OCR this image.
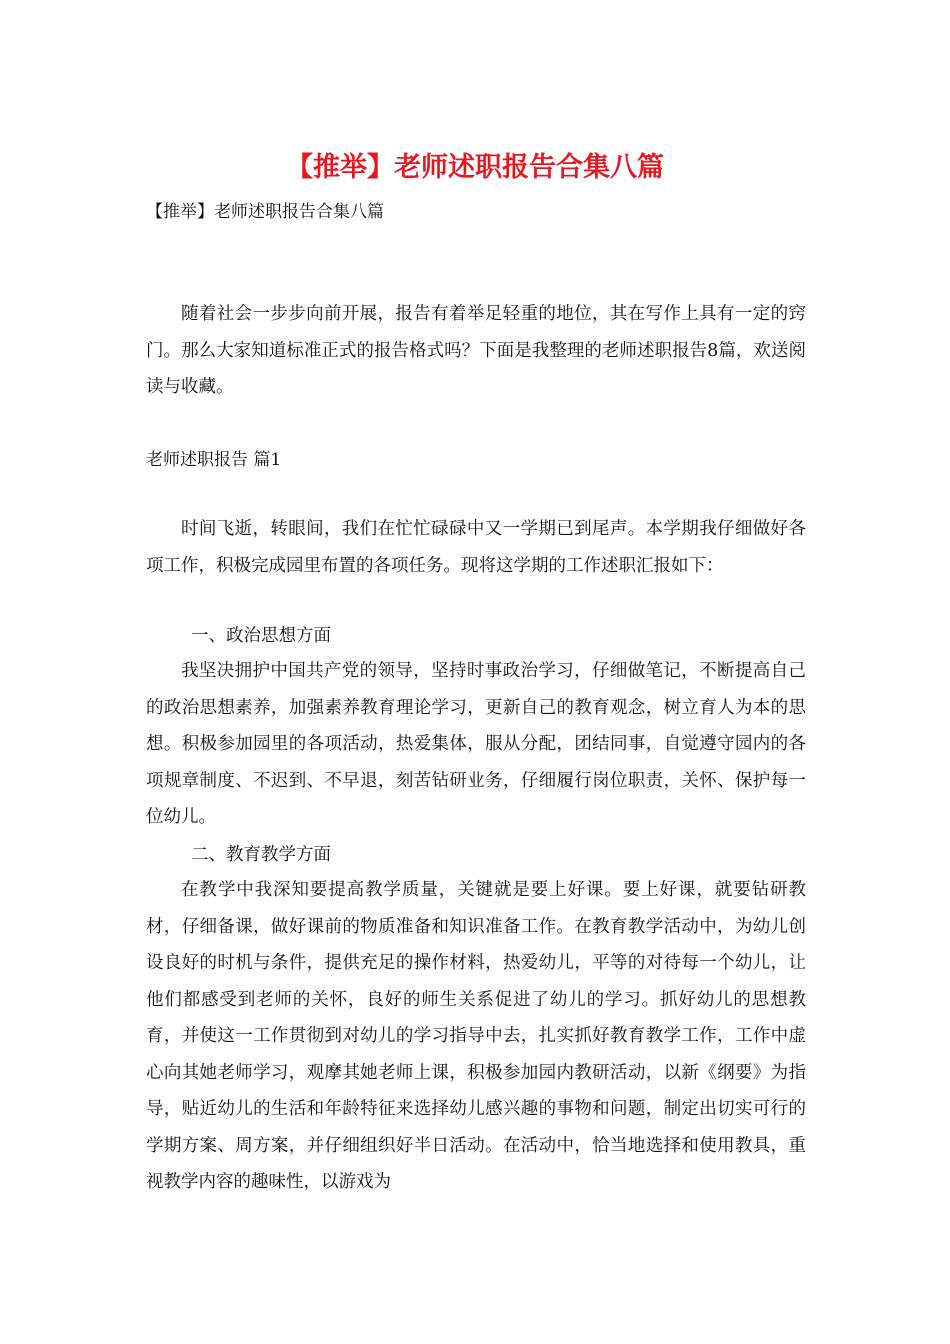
【推举】老师述职报告合集八篇
【推举】老师述职报告合集八篇

随着社会一步步向前开展，报告有着举足轻重的地位，其在写作上具有一定的窍门。那么大家知道标准正式的报告格式吗？下面是我整理的老师述职报告8篇，欢送阅读与收藏。

老师述职报告 篇1

时间飞逝，转眼间，我们在忙忙碌碌中又一学期已到尾声。本学期我仔细做好各项工作，积极完成园里布置的各项任务。现将这学期的工作述职汇报如下：

一、政治思想方面

我坚决拥护中国共产党的领导，坚持时事政治学习，仔细做笔记，不断提高自己的政治思想素养，加强素养教育理论学习，更新自己的教育观念，树立育人为本的思想。积极参加园里的各项活动，热爱集体，服从分配，团结同事，自觉遵守园内的各项规章制度、不迟到、不早退，刻苦钻研业务，仔细履行岗位职责，关怀、保护每一位幼儿。

二、教育教学方面

在教学中我深知要提高教学质量，关键就是要上好课。要上好课，就要钻研教材，仔细备课，做好课前的物质准备和知识准备工作。在教育教学活动中，为幼儿创设良好的时机与条件，提供充足的操作材料，热爱幼儿，平等的对待每一个幼儿，让他们都感受到老师的关怀，良好的师生关系促进了幼儿的学习。抓好幼儿的思想教育，并使这一工作贯彻到对幼儿的学习指导中去，扎实抓好教育教学工作，工作中虚心向其她老师学习，观摩其她老师上课，积极参加园内教研活动，以新《纲要》为指导，贴近幼儿的生活和年龄特征来选择幼儿感兴趣的事物和问题，制定出切实可行的学期方案、周方案，并仔细组织好半日活动。在活动中，恰当地选择和使用教具，重视教学内容的趣味性，以游戏为
